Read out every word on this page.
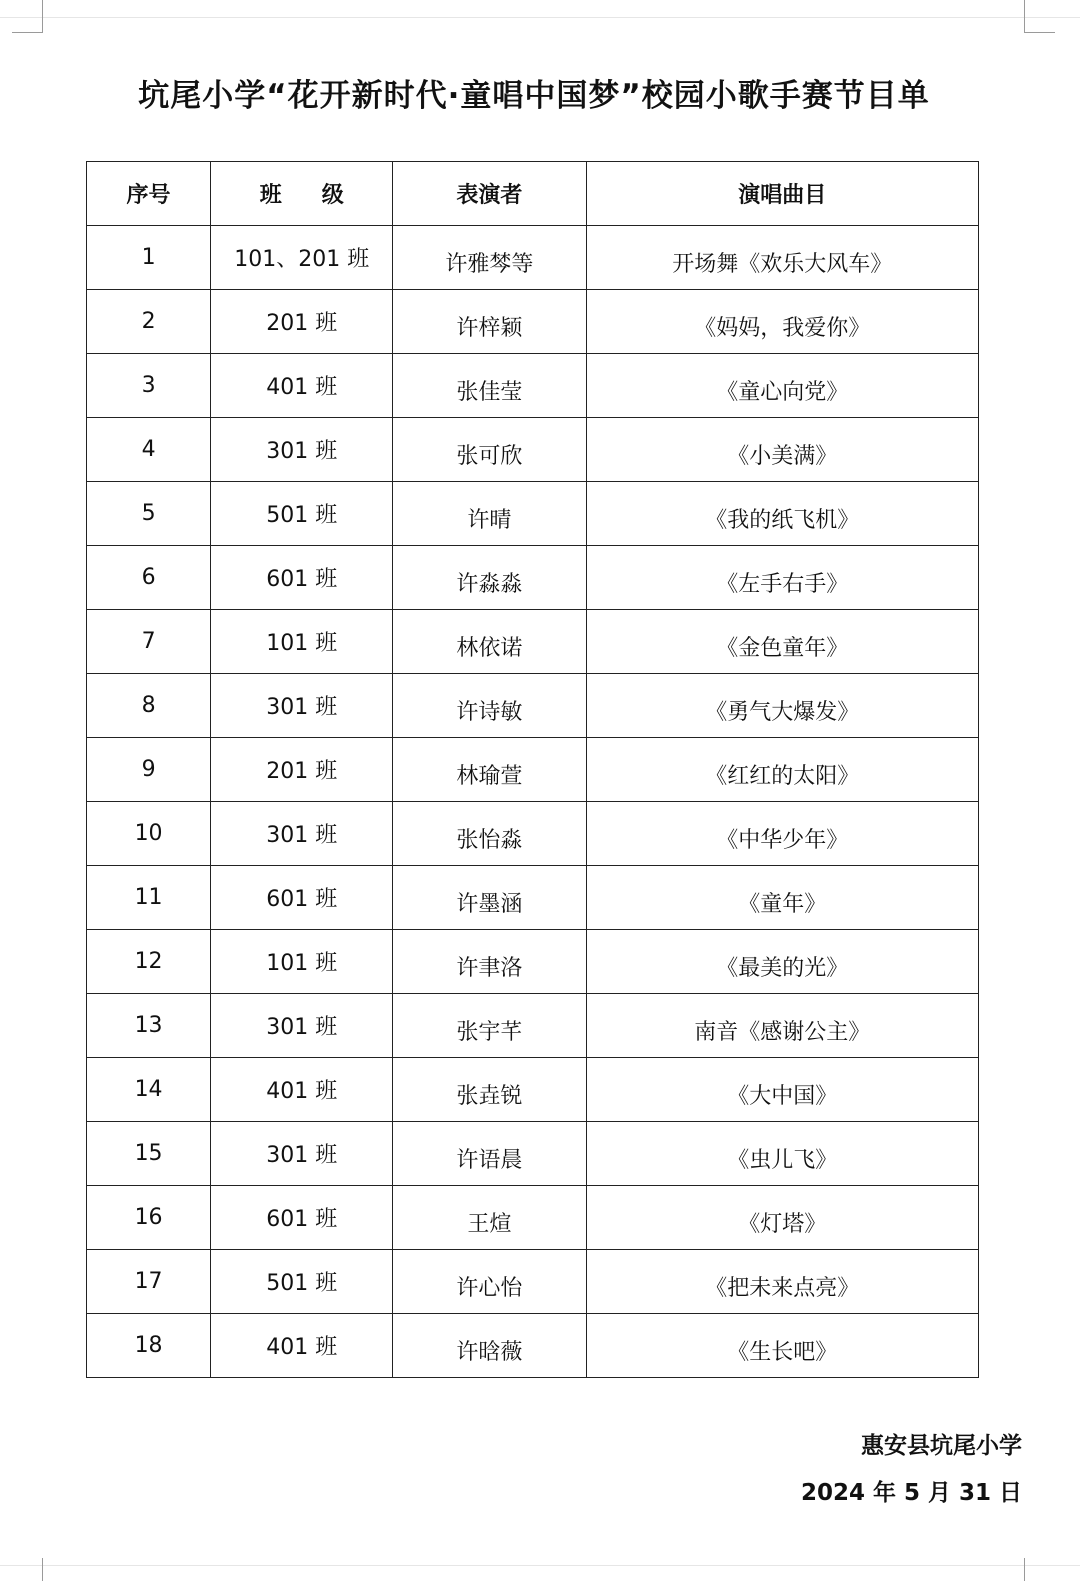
坑尾小学“花开新时代·童唱中国梦”校园小歌手赛节目单
序号	班 级	表演者	演唱曲目
1	101、201 班	许雅棽等	开场舞《欢乐大风车》
2	201 班	许梓颖	《妈妈，我爱你》
3	401 班	张佳莹	《童心向党》
4	301 班	张可欣	《小美满》
5	501 班	许晴	《我的纸飞机》
6	601 班	许淼淼	《左手右手》
7	101 班	林依诺	《金色童年》
8	301 班	许诗敏	《勇气大爆发》
9	201 班	林瑜萱	《红红的太阳》
10	301 班	张怡淼	《中华少年》
11	601 班	许墨涵	《童年》
12	101 班	许聿洛	《最美的光》
13	301 班	张宇芊	南音《感谢公主》
14	401 班	张垚锐	《大中国》
15	301 班	许语晨	《虫儿飞》
16	601 班	王煊	《灯塔》
17	501 班	许心怡	《把未来点亮》
18	401 班	许晗薇	《生长吧》
惠安县坑尾小学
2024 年 5 月 31 日
